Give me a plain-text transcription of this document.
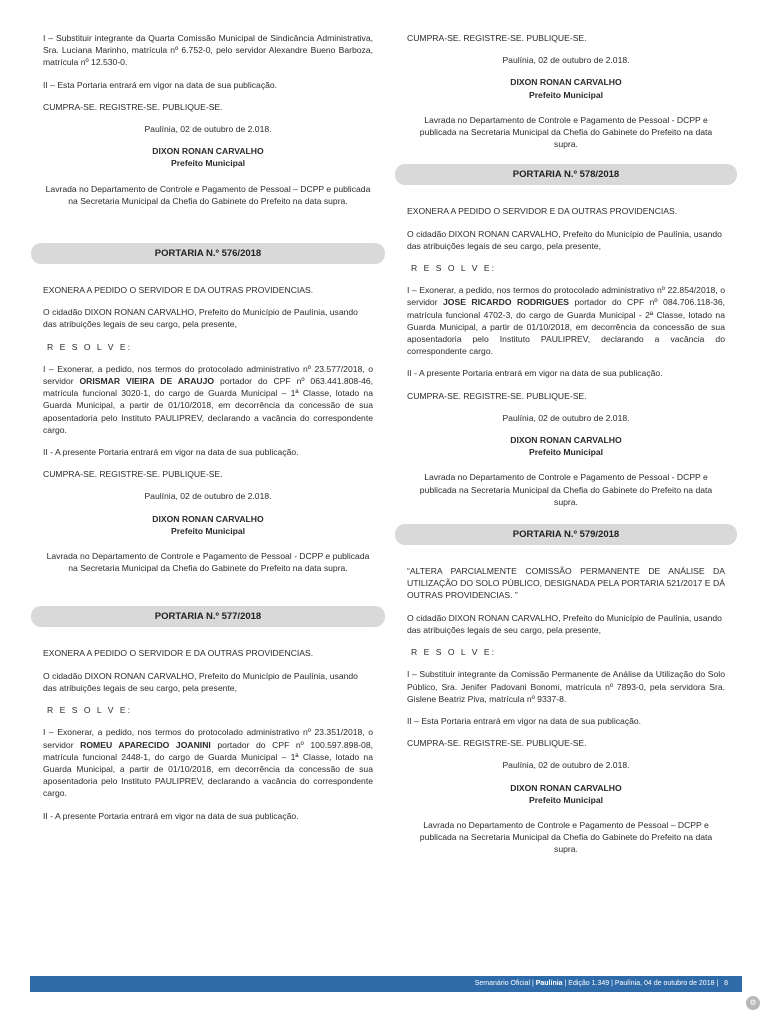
I – Substituir integrante da Quarta Comissão Municipal de Sindicância Administrativa, Sra. Luciana Marinho, matrícula nº 6.752-0, pelo servidor Alexandre Bueno Barboza, matrícula nº 12.530-0.

II – Esta Portaria entrará em vigor na data de sua publicação.

CUMPRA-SE. REGISTRE-SE. PUBLIQUE-SE.

Paulínia, 02 de outubro de 2.018.

DIXON RONAN CARVALHO
Prefeito Municipal

Lavrada no Departamento de Controle e Pagamento de Pessoal – DCPP e publicada na Secretaria Municipal da Chefia do Gabinete do Prefeito na data supra.

PORTARIA N.º 576/2018

EXONERA A PEDIDO O SERVIDOR E DA OUTRAS PROVIDENCIAS.

O cidadão DIXON RONAN CARVALHO, Prefeito do Município de Paulínia, usando das atribuições legais de seu cargo, pela presente,

R E S O L V E:

I – Exonerar, a pedido, nos termos do protocolado administrativo nº 23.577/2018, o servidor ORISMAR VIEIRA DE ARAUJO portador do CPF nº 063.441.808-46, matrícula funcional 3020-1, do cargo de Guarda Municipal – 1ª Classe, lotado na Guarda Municipal, a partir de 01/10/2018, em decorrência da concessão de sua aposentadoria pelo Instituto PAULIPREV, declarando a vacância do correspondente cargo.

II - A presente Portaria entrará em vigor na data de sua publicação.

CUMPRA-SE. REGISTRE-SE. PUBLIQUE-SE.

Paulínia, 02 de outubro de 2.018.

DIXON RONAN CARVALHO
Prefeito Municipal

Lavrada no Departamento de Controle e Pagamento de Pessoal - DCPP e publicada na Secretaria Municipal da Chefia do Gabinete do Prefeito na data supra.

PORTARIA N.º 577/2018

EXONERA A PEDIDO O SERVIDOR E DA OUTRAS PROVIDENCIAS.

O cidadão DIXON RONAN CARVALHO, Prefeito do Município de Paulínia, usando das atribuições legais de seu cargo, pela presente,

R E S O L V E:

I – Exonerar, a pedido, nos termos do protocolado administrativo nº 23.351/2018, o servidor ROMEU APARECIDO JOANINI portador do CPF nº 100.597.898-08, matrícula funcional 2448-1, do cargo de Guarda Municipal – 1ª Classe, lotado na Guarda Municipal, a partir de 01/10/2018, em decorrência da concessão de sua aposentadoria pelo Instituto PAULIPREV, declarando a vacância do correspondente cargo.

II - A presente Portaria entrará em vigor na data de sua publicação.

CUMPRA-SE. REGISTRE-SE. PUBLIQUE-SE.

Paulínia, 02 de outubro de 2.018.

DIXON RONAN CARVALHO
Prefeito Municipal

Lavrada no Departamento de Controle e Pagamento de Pessoal - DCPP e publicada na Secretaria Municipal da Chefia do Gabinete do Prefeito na data supra.

PORTARIA N.º 578/2018

EXONERA A PEDIDO O SERVIDOR E DA OUTRAS PROVIDENCIAS.

O cidadão DIXON RONAN CARVALHO, Prefeito do Município de Paulínia, usando das atribuições legais de seu cargo, pela presente,

R E S O L V E:

I – Exonerar, a pedido, nos termos do protocolado administrativo nº 22.854/2018, o servidor JOSE RICARDO RODRIGUES portador do CPF nº 084.706.118-36, matrícula funcional 4702-3, do cargo de Guarda Municipal - 2ª Classe, lotado na Guarda Municipal, a partir de 01/10/2018, em decorrência da concessão de sua aposentadoria pelo Instituto PAULIPREV, declarando a vacância do correspondente cargo.

II - A presente Portaria entrará em vigor na data de sua publicação.

CUMPRA-SE. REGISTRE-SE. PUBLIQUE-SE.

Paulínia, 02 de outubro de 2.018.

DIXON RONAN CARVALHO
Prefeito Municipal

Lavrada no Departamento de Controle e Pagamento de Pessoal - DCPP e publicada na Secretaria Municipal da Chefia do Gabinete do Prefeito na data supra.

PORTARIA N.º 579/2018

“ALTERA PARCIALMENTE COMISSÃO PERMANENTE DE ANÁLISE DA UTILIZAÇÃO DO SOLO PÚBLICO, DESIGNADA PELA PORTARIA 521/2017 E DÁ OUTRAS PROVIDENCIAS. ”

O cidadão DIXON RONAN CARVALHO, Prefeito do Município de Paulínia, usando das atribuições legais de seu cargo, pela presente,

R E S O L V E:

I – Substituir integrante da Comissão Permanente de Análise da Utilização do Solo Público, Sra. Jenifer Padovani Bonomi, matrícula nº 7893-0, pela servidora Sra. Gislene Beatriz Piva, matrícula nº 9337-8.

II – Esta Portaria entrará em vigor na data de sua publicação.

CUMPRA-SE. REGISTRE-SE. PUBLIQUE-SE.

Paulínia, 02 de outubro de 2.018.

DIXON RONAN CARVALHO
Prefeito Municipal

Lavrada no Departamento de Controle e Pagamento de Pessoal – DCPP e publicada na Secretaria Municipal da Chefia do Gabinete do Prefeito na data supra.

Semanário Oficial | Paulínia | Edição 1.349 | Paulínia, 04 de outubro de 2018 | 8
⚙
